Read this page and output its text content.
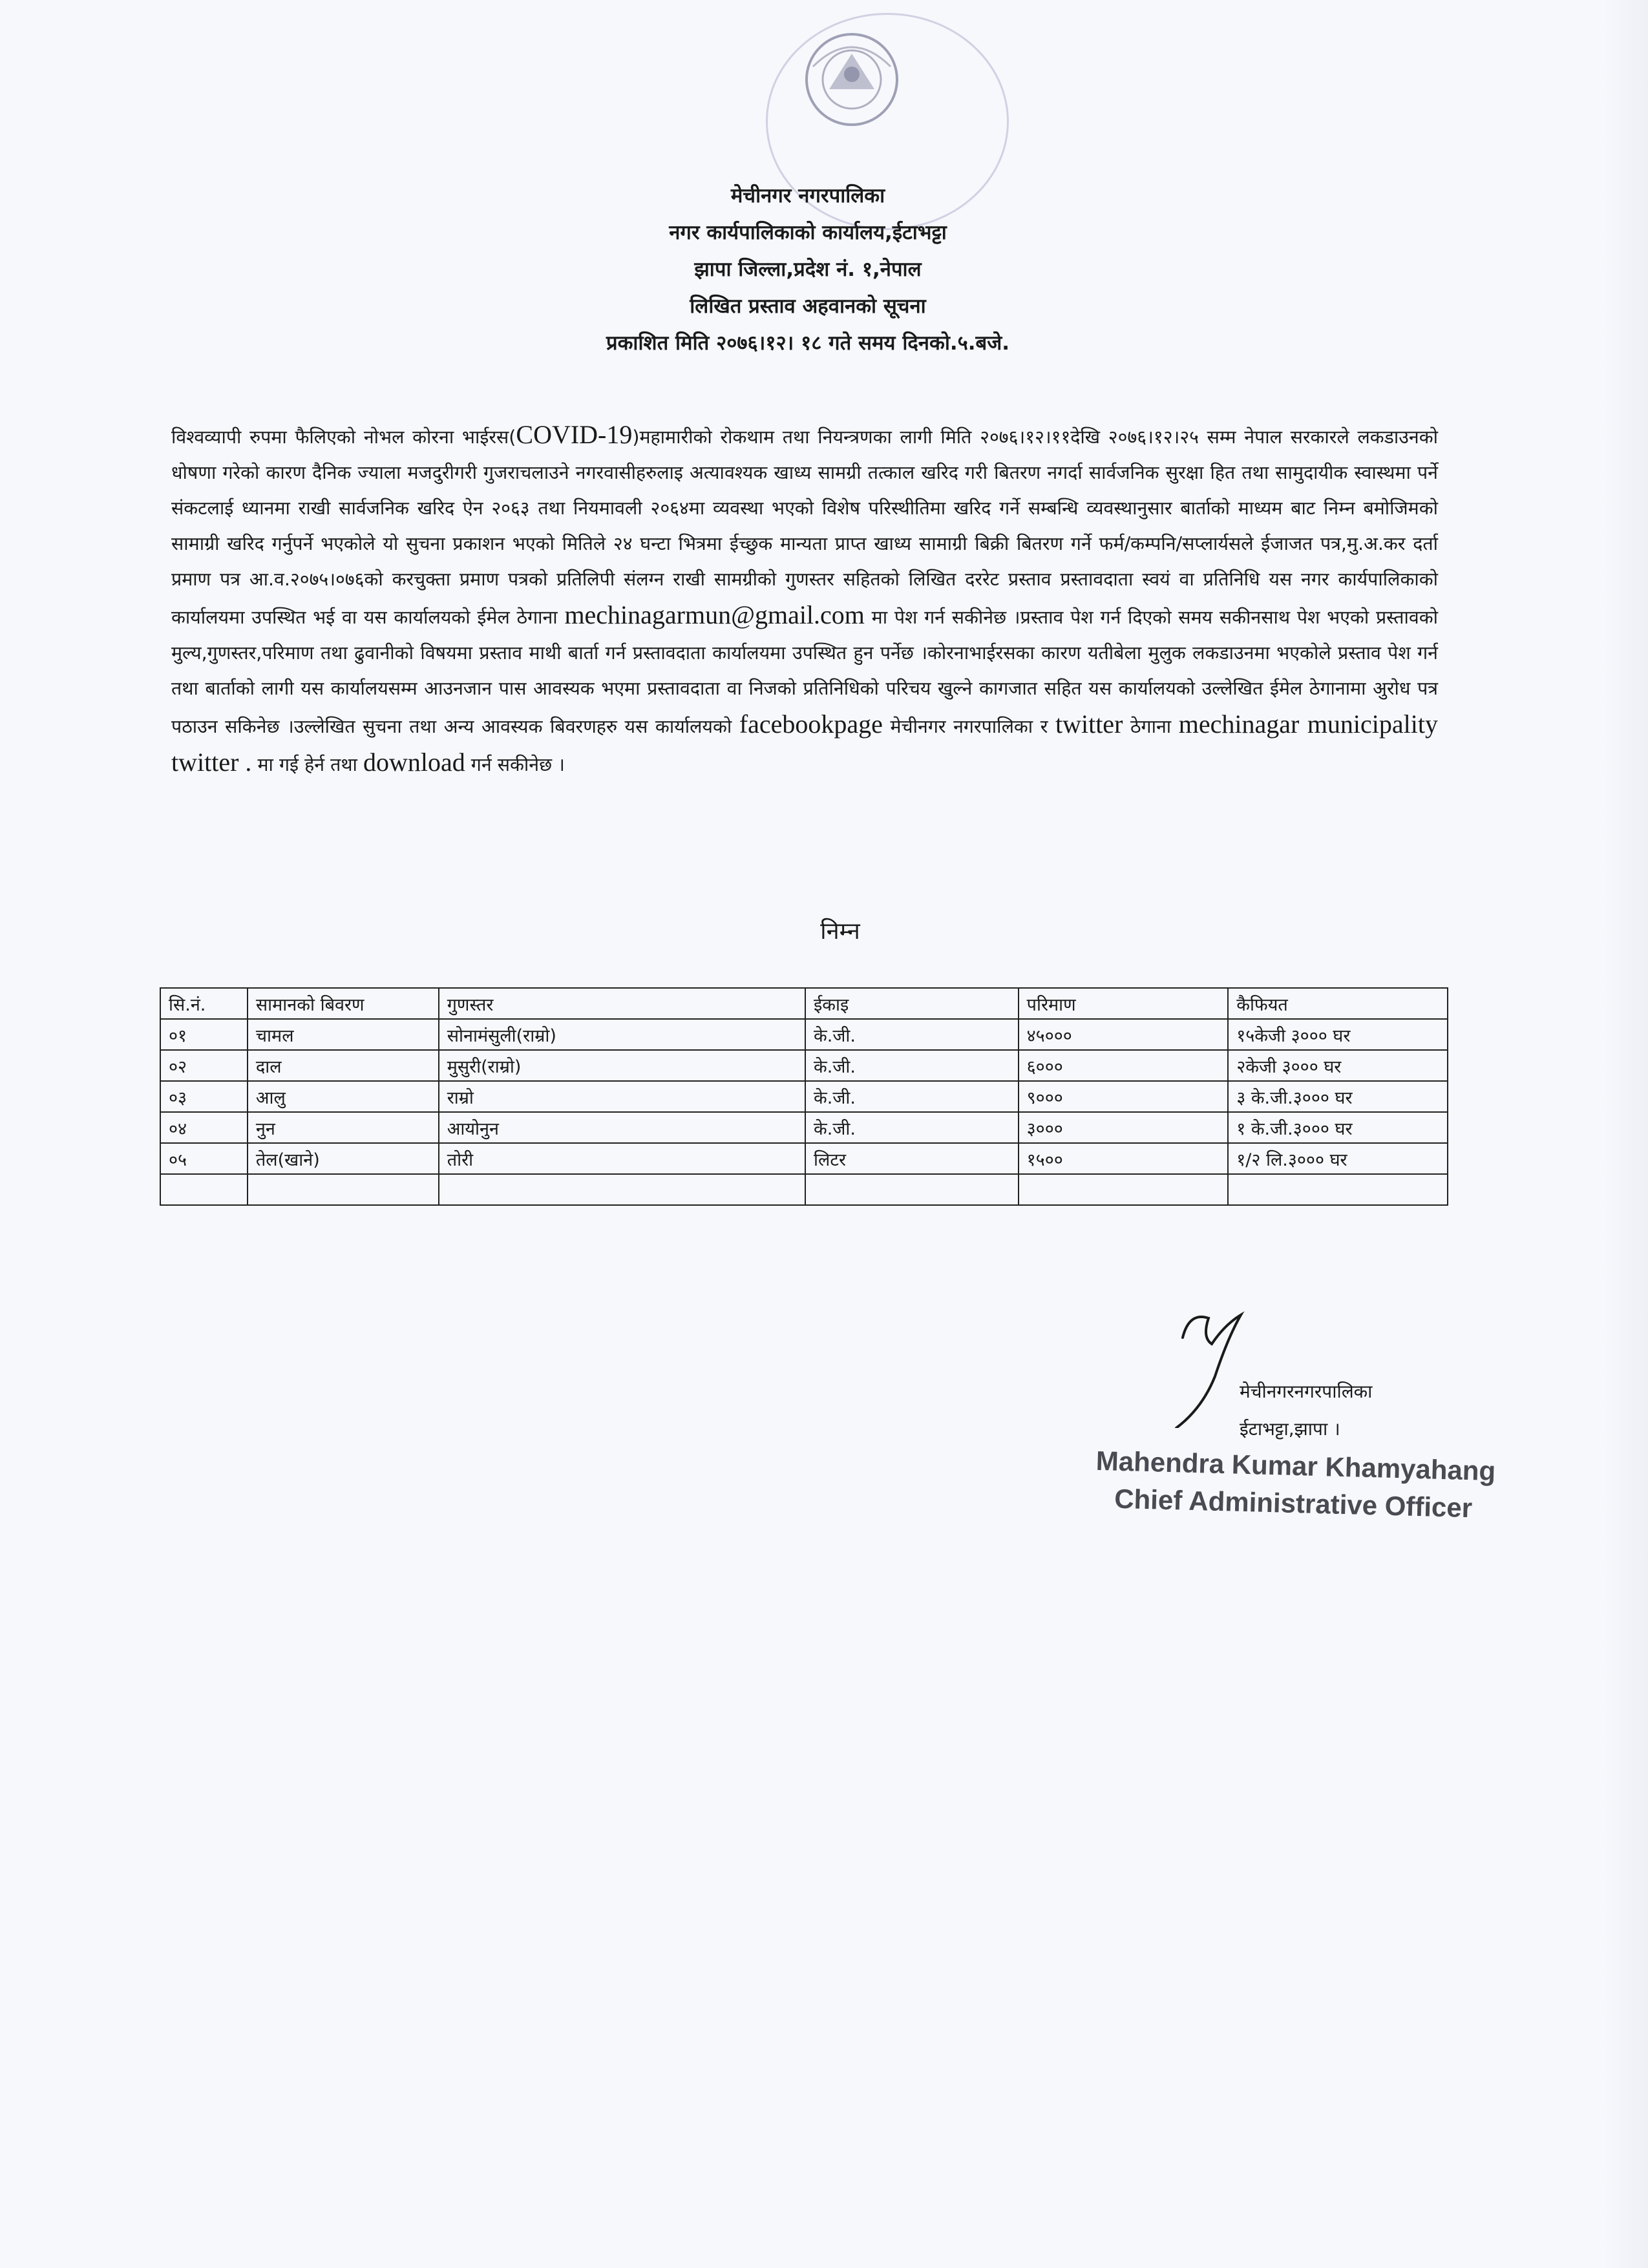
मेचीनगर नगरपालिका
नगर कार्यपालिकाको कार्यालय,ईटाभट्टा
झापा जिल्ला,प्रदेश नं. १,नेपाल
लिखित प्रस्ताव अहवानको सूचना
प्रकाशित मिति २०७६।१२। १८ गते समय दिनको.५.बजे.

विश्वव्यापी रुपमा फैलिएको नोभल कोरना भाईरस(COVID-19)महामारीको रोकथाम तथा नियन्त्रणका लागी मिति २०७६।१२।११देखि २०७६।१२।२५ सम्म नेपाल सरकारले लकडाउनको धोषणा गरेको कारण दैनिक ज्याला मजदुरीगरी गुजराचलाउने नगरवासीहरुलाइ अत्यावश्यक खाध्य सामग्री तत्काल खरिद गरी बितरण नगर्दा सार्वजनिक सुरक्षा हित तथा सामुदायीक स्वास्थमा पर्ने संकटलाई ध्यानमा राखी सार्वजनिक खरिद ऐन २०६३ तथा नियमावली २०६४मा व्यवस्था भएको विशेष परिस्थीतिमा खरिद गर्ने सम्बन्धि व्यवस्थानुसार बार्ताको माध्यम बाट निम्न बमोजिमको सामाग्री खरिद गर्नुपर्ने भएकोले यो सुचना प्रकाशन भएको मितिले २४ घन्टा भित्रमा ईच्छुक मान्यता प्राप्त खाध्य सामाग्री बिक्री बितरण गर्ने फर्म/कम्पनि/सप्लार्यसले ईजाजत पत्र,मु.अ.कर दर्ता प्रमाण पत्र आ.व.२०७५।०७६को करचुक्ता प्रमाण पत्रको प्रतिलिपी संलग्न राखी सामग्रीको गुणस्तर सहितको लिखित दररेट प्रस्ताव प्रस्तावदाता स्वयं वा प्रतिनिधि यस नगर कार्यपालिकाको कार्यालयमा उपस्थित भई वा यस कार्यालयको ईमेल ठेगाना mechinagarmun@gmail.com मा पेश गर्न सकीनेछ ।प्रस्ताव पेश गर्न दिएको समय सकीनसाथ पेश भएको प्रस्तावको मुल्य,गुणस्तर,परिमाण तथा ढुवानीको विषयमा प्रस्ताव माथी बार्ता गर्न प्रस्तावदाता कार्यालयमा उपस्थित हुन पर्नेछ ।कोरनाभाईरसका कारण यतीबेला मुलुक लकडाउनमा भएकोले प्रस्ताव पेश गर्न तथा बार्ताको लागी यस कार्यालयसम्म आउनजान पास आवस्यक भएमा प्रस्तावदाता वा निजको प्रतिनिधिको परिचय खुल्ने कागजात सहित यस कार्यालयको उल्लेखित ईमेल ठेगानामा अुरोध पत्र पठाउन सकिनेछ ।उल्लेखित सुचना तथा अन्य आवस्यक बिवरणहरु यस कार्यालयको facebookpage मेचीनगर नगरपालिका र twitter ठेगाना mechinagar municipality twitter . मा गई हेर्न तथा download गर्न सकीनेछ ।

निम्न
सि.नं.	सामानको बिवरण	गुणस्तर	ईकाइ	परिमाण	कैफियत
०१	चामल	सोनामंसुली(राम्रो)	के.जी.	४५०००	१५केजी ३००० घर
०२	दाल	मुसुरी(राम्रो)	के.जी.	६०००	२केजी ३००० घर
०३	आलु	राम्रो	के.जी.	९०००	३ के.जी.३००० घर
०४	नुन	आयोनुन	के.जी.	३०००	१ के.जी.३००० घर
०५	तेल(खाने)	तोरी	लिटर	१५००	१/२ लि.३००० घर

मेचीनगरनगरपालिका
ईटाभट्टा,झापा ।
Mahendra Kumar Khamyahang
Chief Administrative Officer
